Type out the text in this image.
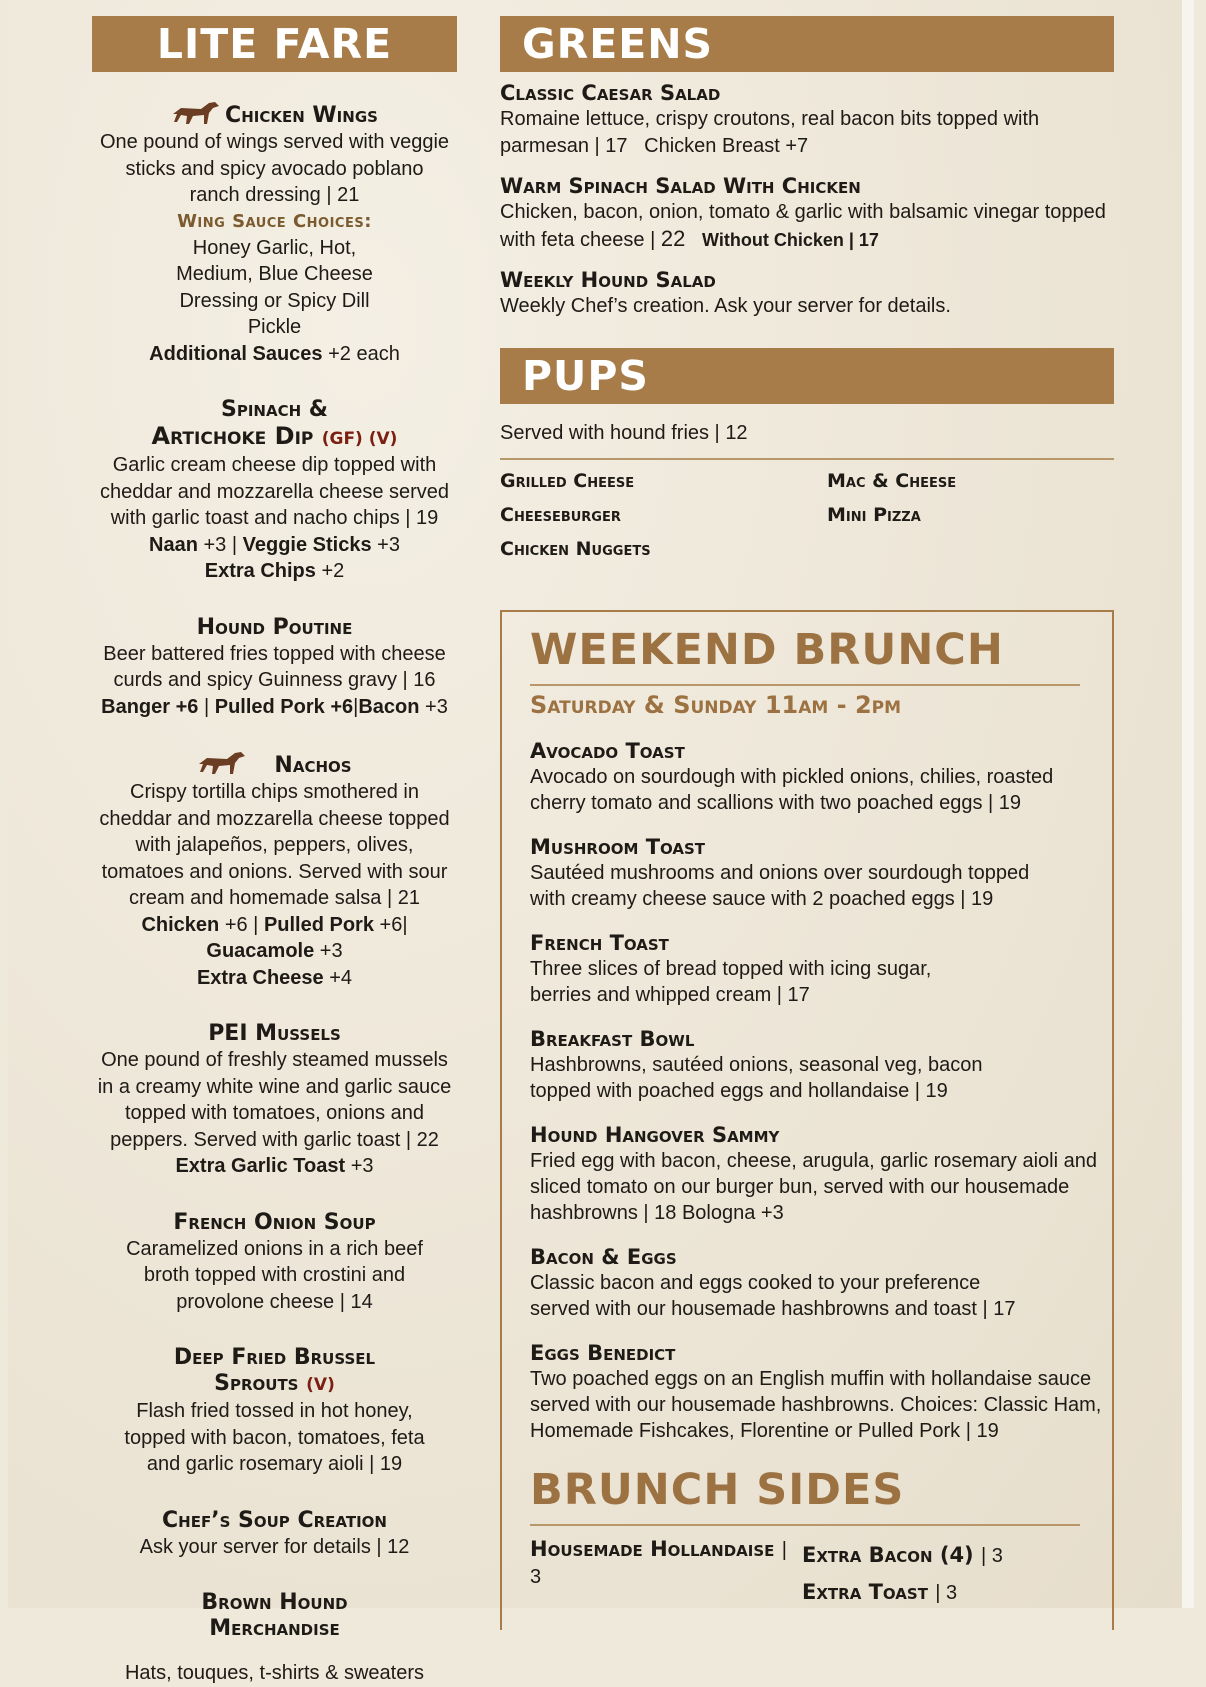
LITE FARE
Chicken Wings
One pound of wings served with veggie sticks and spicy avocado poblano ranch dressing | 21
Wing Sauce Choices:
Honey Garlic, Hot, Medium, Blue Cheese Dressing or Spicy Dill Pickle
Additional Sauces +2 each
Spinach &
Artichoke Dip (GF) (V)
Garlic cream cheese dip topped with cheddar and mozzarella cheese served with garlic toast and nacho chips | 19
Naan +3 | Veggie Sticks +3
Extra Chips +2
Hound Poutine
Beer battered fries topped with cheese curds and spicy Guinness gravy | 16
Banger +6 | Pulled Pork +6|Bacon +3
Nachos
Crispy tortilla chips smothered in cheddar and mozzarella cheese topped with jalapeños, peppers, olives, tomatoes and onions. Served with sour cream and homemade salsa | 21
Chicken +6 | Pulled Pork +6|
Guacamole +3
Extra Cheese +4
PEI Mussels
One pound of freshly steamed mussels in a creamy white wine and garlic sauce topped with tomatoes, onions and peppers. Served with garlic toast | 22
Extra Garlic Toast +3
French Onion Soup
Caramelized onions in a rich beef broth topped with crostini and provolone cheese | 14
Deep Fried Brussel
Sprouts (V)
Flash fried tossed in hot honey, topped with bacon, tomatoes, feta and garlic rosemary aioli | 19
Chef’s Soup Creation
Ask your server for details | 12
Brown Hound
Merchandise
Hats, touques, t-shirts & sweaters
GREENS
Classic Caesar Salad
Romaine lettuce, crispy croutons, real bacon bits topped with parmesan | 17 Chicken Breast +7
Warm Spinach Salad With Chicken
Chicken, bacon, onion, tomato & garlic with balsamic vinegar topped with feta cheese | 22 Without Chicken | 17
Weekly Hound Salad
Weekly Chef’s creation. Ask your server for details.
PUPS
Served with hound fries | 12
Grilled Cheese	Mac & Cheese
Cheeseburger	Mini Pizza
Chicken Nuggets
WEEKEND BRUNCH
Saturday & Sunday 11am - 2pm
Avocado Toast
Avocado on sourdough with pickled onions, chilies, roasted cherry tomato and scallions with two poached eggs | 19
Mushroom Toast
Sautéed mushrooms and onions over sourdough topped with creamy cheese sauce with 2 poached eggs | 19
French Toast
Three slices of bread topped with icing sugar, berries and whipped cream | 17
Breakfast Bowl
Hashbrowns, sautéed onions, seasonal veg, bacon topped with poached eggs and hollandaise | 19
Hound Hangover Sammy
Fried egg with bacon, cheese, arugula, garlic rosemary aioli and sliced tomato on our burger bun, served with our housemade hashbrowns | 18 Bologna +3
Bacon & Eggs
Classic bacon and eggs cooked to your preference served with our housemade hashbrowns and toast | 17
Eggs Benedict
Two poached eggs on an English muffin with hollandaise sauce served with our housemade hashbrowns. Choices: Classic Ham, Homemade Fishcakes, Florentine or Pulled Pork | 19
BRUNCH SIDES
Housemade Hollandaise | 3
Extra Bacon (4) | 3
Extra Toast | 3
